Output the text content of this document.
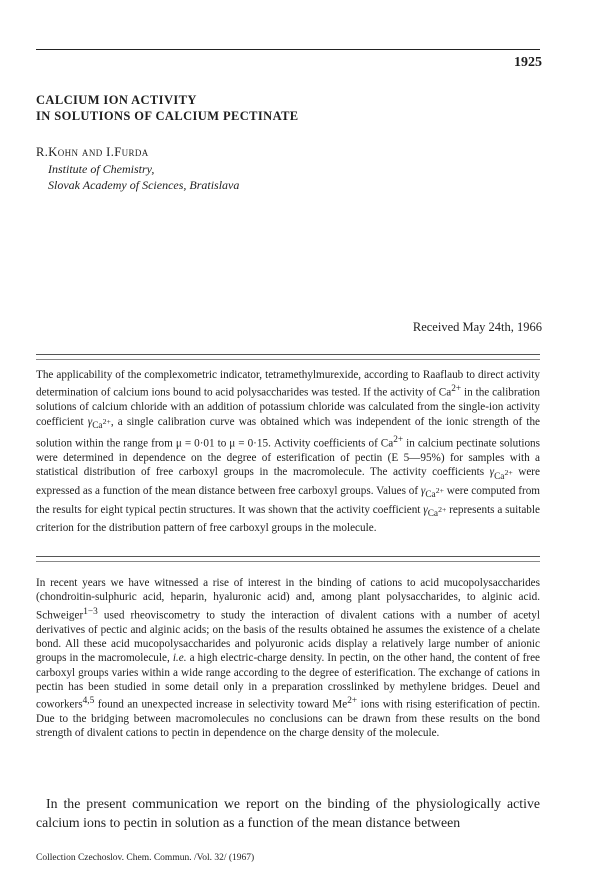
1925
CALCIUM ION ACTIVITY
IN SOLUTIONS OF CALCIUM PECTINATE
R.Kohn and I.Furda
Institute of Chemistry,
Slovak Academy of Sciences, Bratislava
Received May 24th, 1966

The applicability of the complexometric indicator, tetramethylmurexide, according to Raaflaub to direct activity determination of calcium ions bound to acid polysaccharides was tested. If the activity of $Ca^{2+}$ in the calibration solutions of calcium chloride with an addition of potassium chloride was calculated from the single-ion activity coefficient $\gamma_{Ca^{2+}}$, a single calibration curve was obtained which was independent of the ionic strength of the solution within the range from μ = 0·01 to μ = 0·15. Activity coefficients of $Ca^{2+}$ in calcium pectinate solutions were determined in dependence on the degree of esterification of pectin (E 5—95%) for samples with a statistical distribution of free carboxyl groups in the macromolecule. The activity coefficients $\gamma_{Ca^{2+}}$ were expressed as a function of the mean distance between free carboxyl groups. Values of $\gamma_{Ca^{2+}}$ were computed from the results for eight typical pectin structures. It was shown that the activity coefficient $\gamma_{Ca^{2+}}$ represents a suitable criterion for the distribution pattern of free carboxyl groups in the molecule.

In recent years we have witnessed a rise of interest in the binding of cations to acid mucopolysaccharides (chondroitin-sulphuric acid, heparin, hyaluronic acid) and, among plant polysaccharides, to alginic acid. Schweiger$^{1-3}$ used rheoviscometry to study the interaction of divalent cations with a number of acetyl derivatives of pectic and alginic acids; on the basis of the results obtained he assumes the existence of a chelate bond. All these acid mucopolysaccharides and polyuronic acids display a relatively large number of anionic groups in the macromolecule, i.e. a high electric-charge density. In pectin, on the other hand, the content of free carboxyl groups varies within a wide range according to the degree of esterification. The exchange of cations in pectin has been studied in some detail only in a preparation crosslinked by methylene bridges. Deuel and coworkers$^{4,5}$ found an unexpected increase in selectivity toward $Me^{2+}$ ions with rising esterification of pectin. Due to the bridging between macromolecules no conclusions can be drawn from these results on the bond strength of divalent cations to pectin in dependence on the charge density of the molecule.

In the present communication we report on the binding of the physiologically active calcium ions to pectin in solution as a function of the mean distance between

Collection Czechoslov. Chem. Commun. /Vol. 32/ (1967)
